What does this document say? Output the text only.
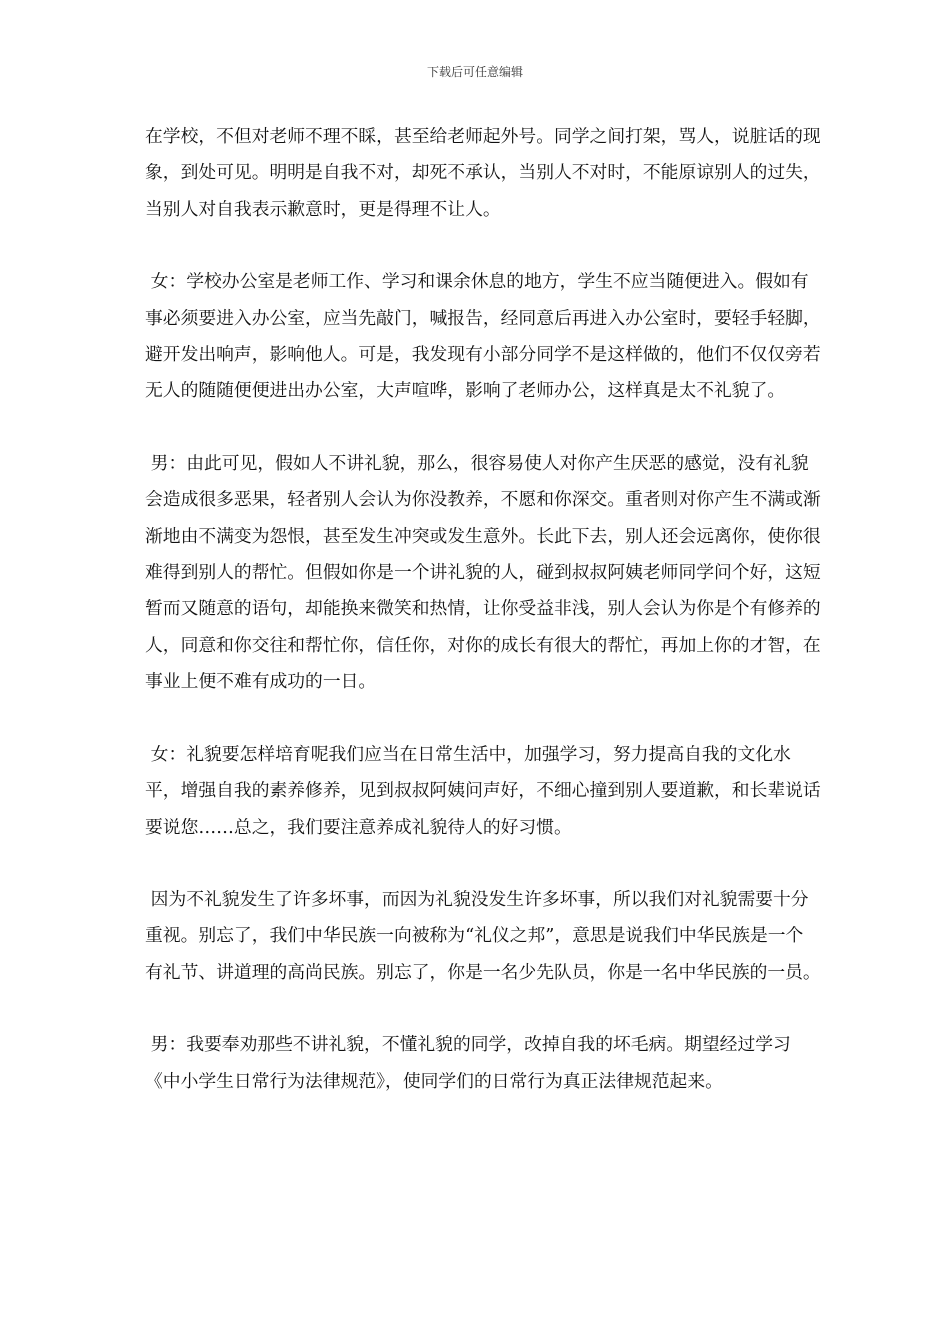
下载后可任意编辑

在学校，不但对老师不理不睬，甚至给老师起外号。同学之间打架，骂人，说脏话的现象，到处可见。明明是自我不对，却死不承认，当别人不对时，不能原谅别人的过失，当别人对自我表示歉意时，更是得理不让人。

女：学校办公室是老师工作、学习和课余休息的地方，学生不应当随便进入。假如有事必须要进入办公室，应当先敲门，喊报告，经同意后再进入办公室时，要轻手轻脚，避开发出响声，影响他人。可是，我发现有小部分同学不是这样做的，他们不仅仅旁若无人的随随便便进出办公室，大声喧哗，影响了老师办公，这样真是太不礼貌了。

男：由此可见，假如人不讲礼貌，那么，很容易使人对你产生厌恶的感觉，没有礼貌会造成很多恶果，轻者别人会认为你没教养，不愿和你深交。重者则对你产生不满或渐渐地由不满变为怨恨，甚至发生冲突或发生意外。长此下去，别人还会远离你，使你很难得到别人的帮忙。但假如你是一个讲礼貌的人，碰到叔叔阿姨老师同学问个好，这短暂而又随意的语句，却能换来微笑和热情，让你受益非浅，别人会认为你是个有修养的人，同意和你交往和帮忙你，信任你，对你的成长有很大的帮忙，再加上你的才智，在事业上便不难有成功的一日。

女：礼貌要怎样培育呢我们应当在日常生活中，加强学习，努力提高自我的文化水平，增强自我的素养修养，见到叔叔阿姨问声好，不细心撞到别人要道歉，和长辈说话要说您……总之，我们要注意养成礼貌待人的好习惯。

因为不礼貌发生了许多坏事，而因为礼貌没发生许多坏事，所以我们对礼貌需要十分重视。别忘了，我们中华民族一向被称为“礼仪之邦”，意思是说我们中华民族是一个有礼节、讲道理的高尚民族。别忘了，你是一名少先队员，你是一名中华民族的一员。

男：我要奉劝那些不讲礼貌，不懂礼貌的同学，改掉自我的坏毛病。期望经过学习《中小学生日常行为法律规范》，使同学们的日常行为真正法律规范起来。
